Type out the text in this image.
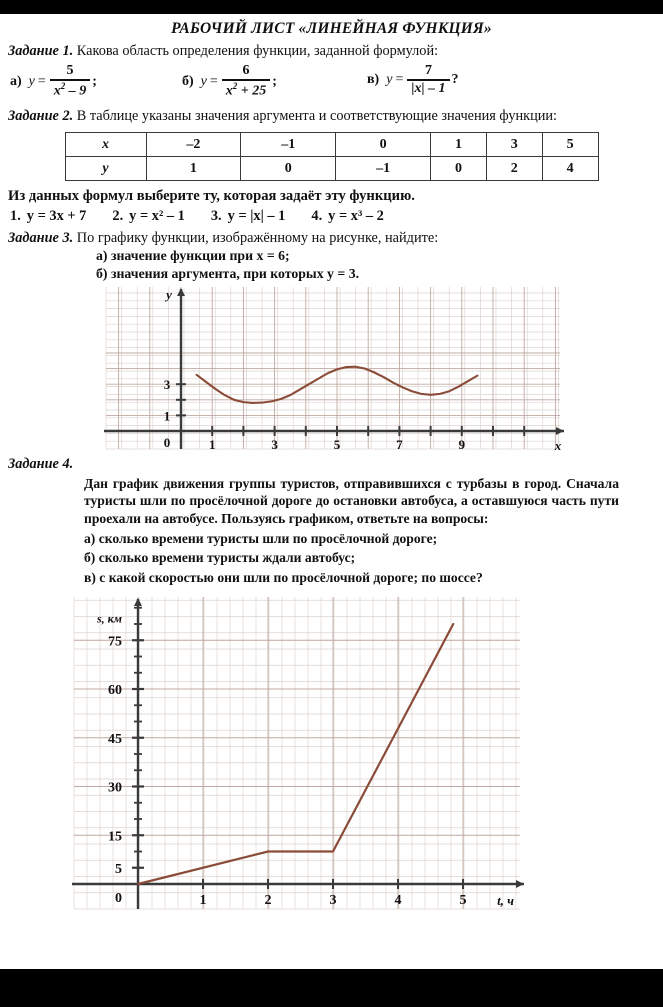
РАБОЧИЙ ЛИСТ «ЛИНЕЙНАЯ ФУНКЦИЯ»
Задание 1. Какова область определения функции, заданной формулой:
а) $y = \frac{5}{x^2 - 9}$ ;	б) $y = \frac{6}{x^2 + 25}$ ;	в) $y = \frac{7}{|x| - 1}$ ?
Задание 2. В таблице указаны значения аргумента и соответствующие значения функции:
x	–2	–1	0	1	3	5
y	1	0	–1	0	2	4
Из данных формул выберите ту, которая задаёт эту функцию.
1. y = 3x + 7 2. y = x² – 1 3. y = |x| – 1 4. y = x³ – 2
Задание 3. По графику функции, изображённому на рисунке, найдите:
а) значение функции при x = 6;
б) значения аргумента, при которых y = 3.
1	3	5	7	9
1
3
0
y
x
Задание 4.
Дан график движения группы туристов, отправившихся с турбазы в город. Сначала туристы шли по просёлочной дороге до остановки автобуса, а оставшуюся часть пути проехали на автобусе. Пользуясь графиком, ответьте на вопросы:
а) сколько времени туристы шли по просёлочной дороге;
б) сколько времени туристы ждали автобус;
в) с какой скоростью они шли по просёлочной дороге; по шоссе?
1	2	3	4	5
5
15
30
45
60
75
0
s, км
t, ч
